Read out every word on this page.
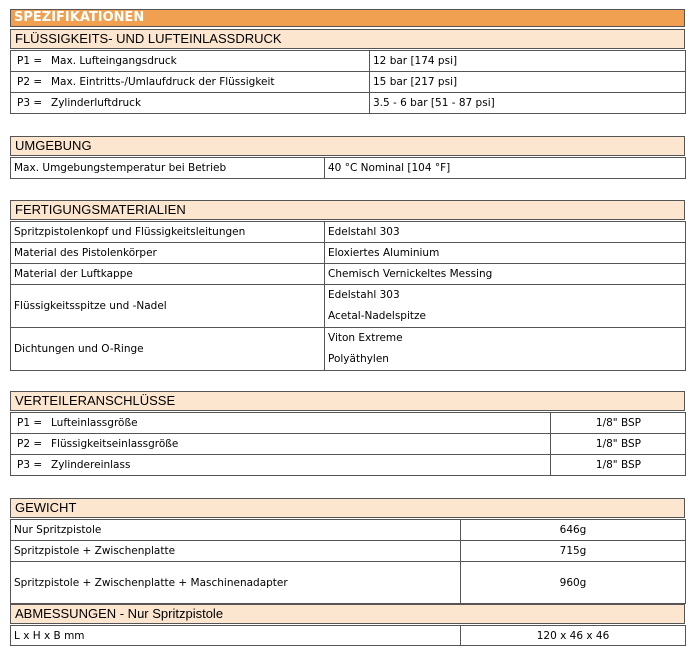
SPEZIFIKATIONEN
FLÜSSIGKEITS- UND LUFTEINLASSDRUCK
P1 = Max. Lufteingangsdruck	12 bar [174 psi]

P2 = Max. Eintritts-/Umlaufdruck der Flüssigkeit	15 bar [217 psi]

P3 = Zylinderluftdruck	3.5 - 6 bar [51 - 87 psi]
UMGEBUNG
Max. Umgebungstemperatur bei Betrieb	40 °C Nominal [104 °F]
FERTIGUNGSMATERIALIEN
Spritzpistolenkopf und Flüssigkeitsleitungen	Edelstahl 303
Material des Pistolenkörper	Eloxiertes Aluminium
Material der Luftkappe	Chemisch Vernickeltes Messing
Flüssigkeitsspitze und -Nadel	Edelstahl 303
Acetal-Nadelspitze

Dichtungen und O-Ringe	Viton Extreme
Polyäthylen
VERTEILERANSCHLÜSSE
P1 = Lufteinlassgröße	1/8" BSP

P2 = Flüssigkeitseinlassgröße	1/8" BSP

P3 = Zylindereinlass	1/8" BSP
GEWICHT
Nur Spritzpistole	646g
Spritzpistole + Zwischenplatte	715g
Spritzpistole + Zwischenplatte + Maschinenadapter	960g
ABMESSUNGEN - Nur Spritzpistole
L x H x B mm	120 x 46 x 46
